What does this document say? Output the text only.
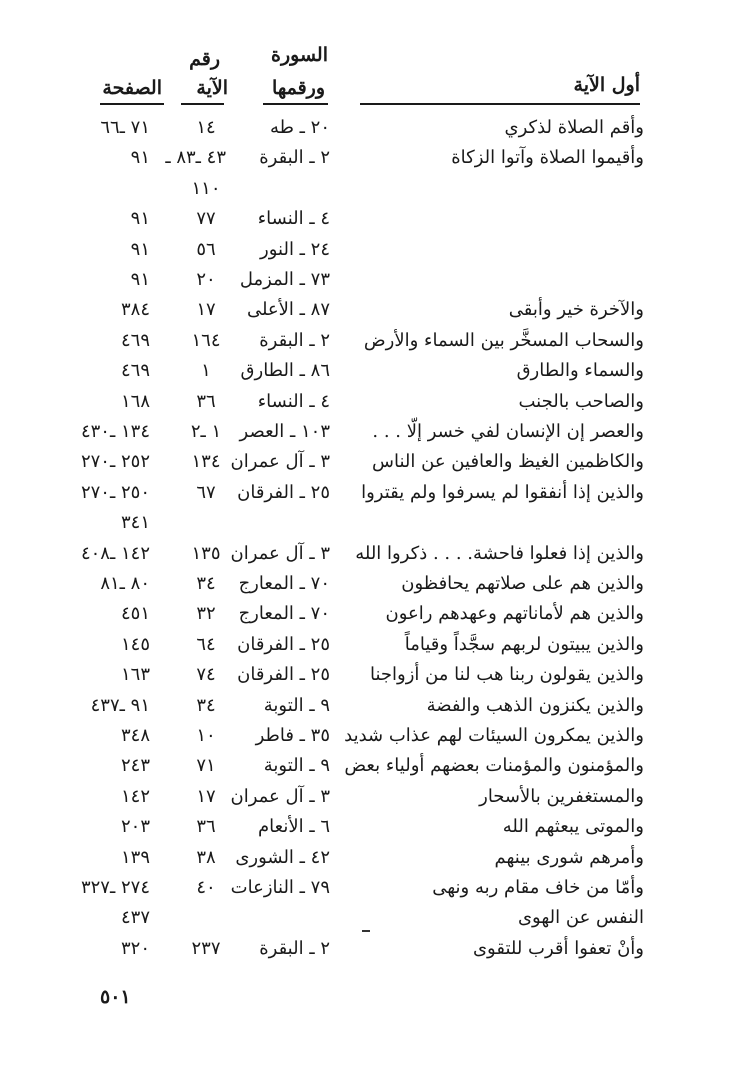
أول الآية
السورة
ورقمها
رقم
الآية
الصفحة
وأقم الصلاة لذكري
٢٠ ـ طه
١٤
٧١ ـ٦٦
وأقيموا الصلاة وآتوا الزكاة
٢ ـ البقرة
٤٣ ـ٨٣ ـ
٩١
١١٠
٤ ـ النساء
٧٧
٩١
٢٤ ـ النور
٥٦
٩١
٧٣ ـ المزمل
٢٠
٩١
والآخرة خير وأبقى
٨٧ ـ الأعلى
١٧
٣٨٤
والسحاب المسخَّر بين السماء والأرض
٢ ـ البقرة
١٦٤
٤٦٩
والسماء والطارق
٨٦ ـ الطارق
١
٤٦٩
والصاحب بالجنب
٤ ـ النساء
٣٦
١٦٨
والعصر إن الإنسان لفي خسر إلّا . . .
١٠٣ ـ العصر
١ ـ٢
١٣٤ ـ٤٣٠
والكاظمين الغيظ والعافين عن الناس
٣ ـ آل عمران
١٣٤
٢٥٢ ـ٢٧٠
والذين إذا أنفقوا لم يسرفوا ولم يقتروا
٢٥ ـ الفرقان
٦٧
٢٥٠ ـ٢٧٠
٣٤١
والذين إذا فعلوا فاحشة. . . . ذكروا الله
٣ ـ آل عمران
١٣٥
١٤٢ ـ٤٠٨
والذين هم على صلاتهم يحافظون
٧٠ ـ المعارج
٣٤
٨٠ ـ٨١
والذين هم لأماناتهم وعهدهم راعون
٧٠ ـ المعارج
٣٢
٤٥١
والذين يبيتون لربهم سجَّداً وقياماً
٢٥ ـ الفرقان
٦٤
١٤٥
والذين يقولون ربنا هب لنا من أزواجنا
٢٥ ـ الفرقان
٧٤
١٦٣
والذين يكنزون الذهب والفضة
٩ ـ التوبة
٣٤
٩١ ـ٤٣٧
والذين يمكرون السيئات لهم عذاب شديد
٣٥ ـ فاطر
١٠
٣٤٨
والمؤمنون والمؤمنات بعضهم أولياء بعض
٩ ـ التوبة
٧١
٢٤٣
والمستغفرين بالأسحار
٣ ـ آل عمران
١٧
١٤٢
والموتى يبعثهم الله
٦ ـ الأنعام
٣٦
٢٠٣
وأمرهم شورى بينهم
٤٢ ـ الشورى
٣٨
١٣٩
وأمّا من خاف مقام ربه ونهى
٧٩ ـ النازعات
٤٠
٢٧٤ ـ٣٢٧
النفس عن الهوى
٤٣٧
وأنْ تعفوا أقرب للتقوى
٢ ـ البقرة
٢٣٧
٣٢٠
٥٠١
